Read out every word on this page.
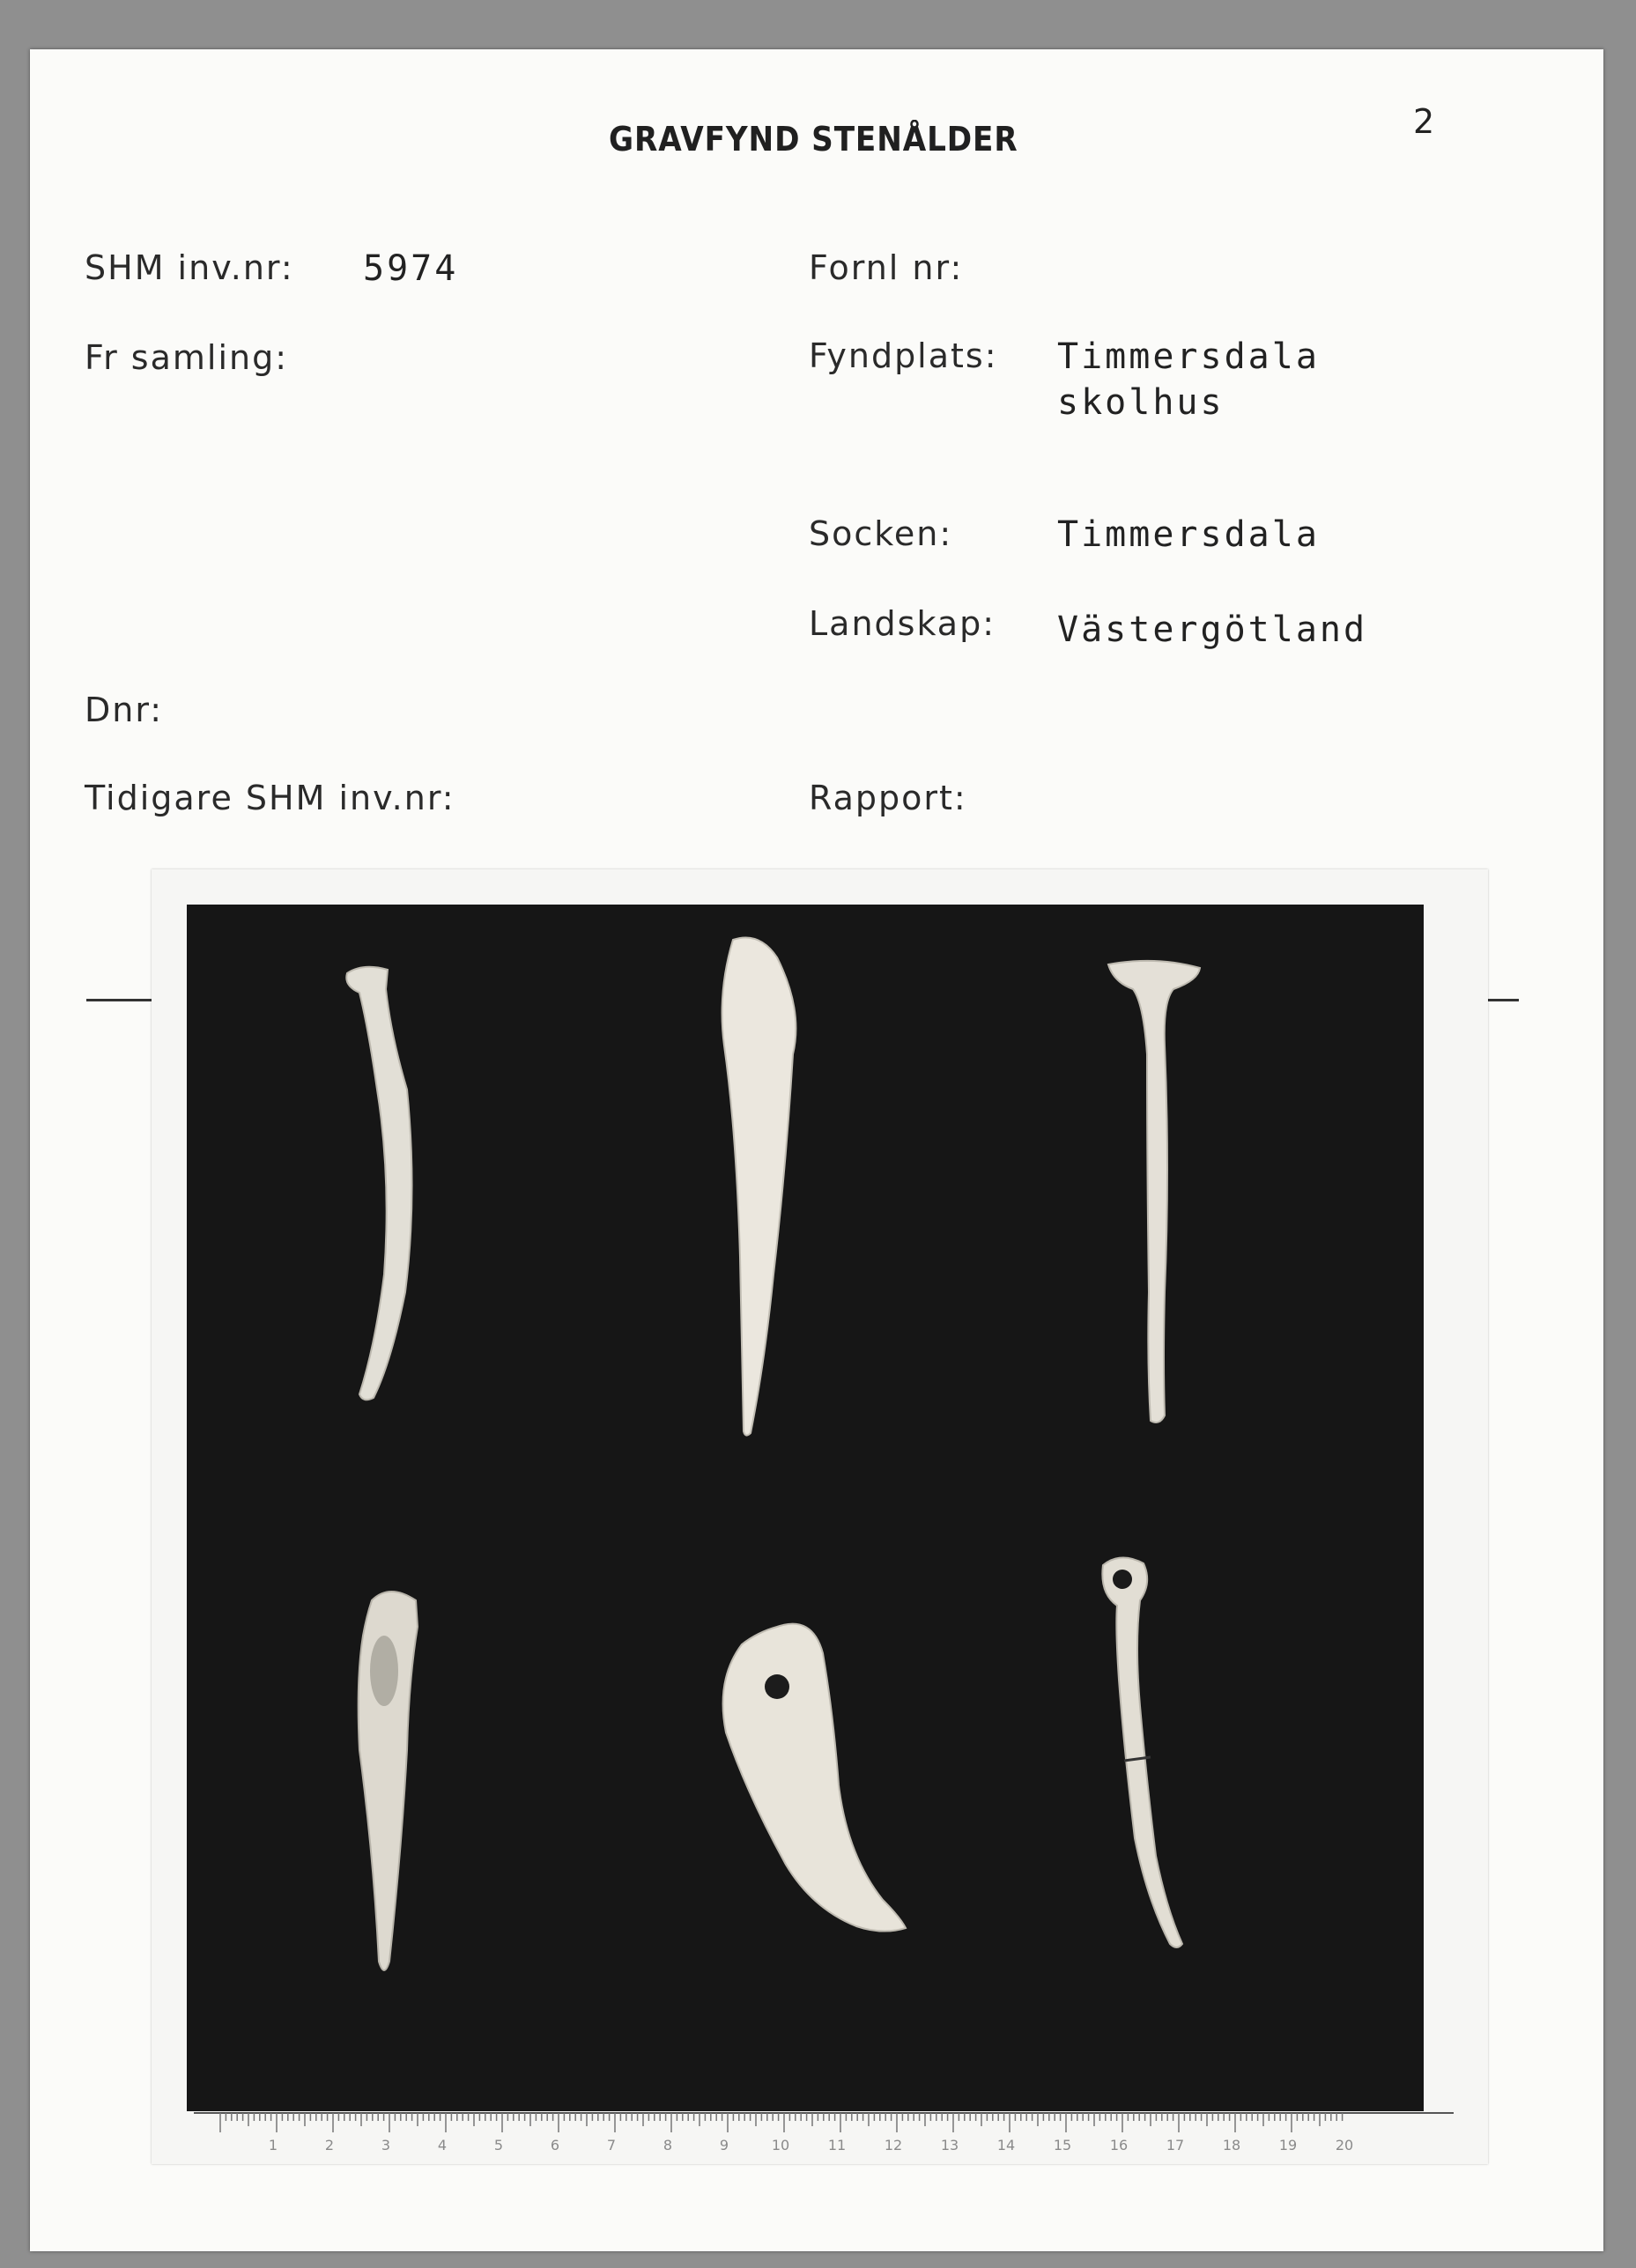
GRAVFYND STENÅLDER	2
SHM inv.nr: 5974
Fr samling:
Dnr:
Tidigare SHM inv.nr:
Fornl nr:
Fyndplats: Timmersdala
skolhus
Socken:	Timmersdala
Landskap: Västergötland
Rapport:
1	2	3	4	5	6	7	8	9	10	11	12	13	14	15	16	17	18	19	20
